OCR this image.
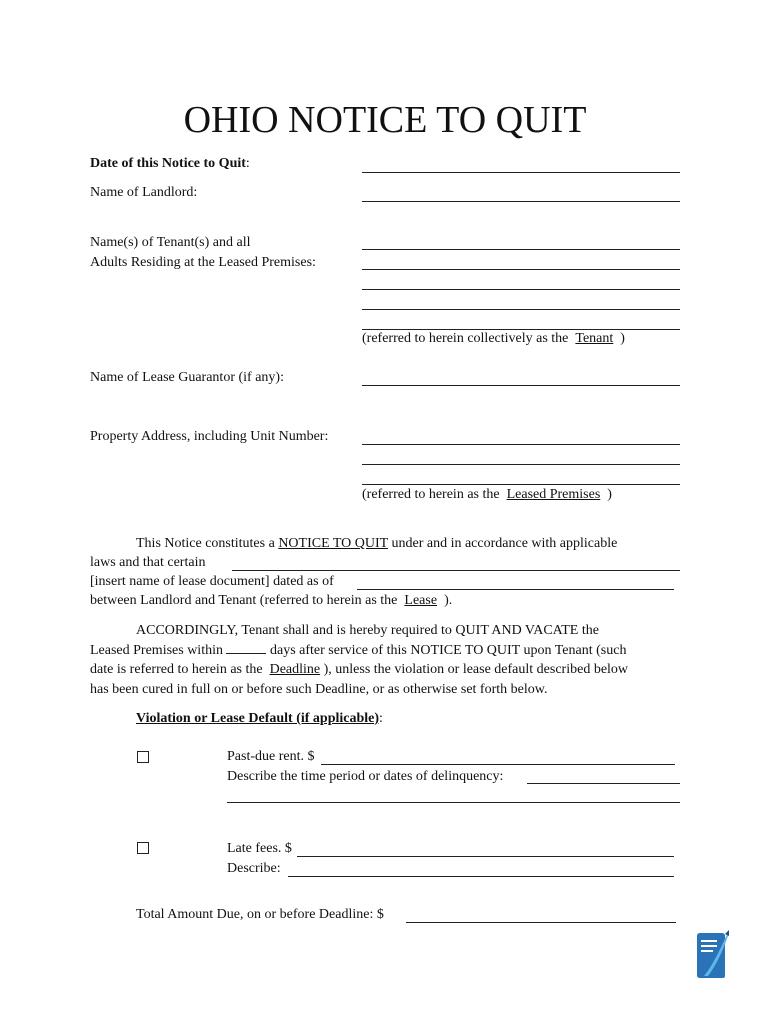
OHIO NOTICE TO QUIT
Date of this Notice to Quit:
Name of Landlord:
Name(s) of Tenant(s) and all
Adults Residing at the Leased Premises:
(referred to herein collectively as the Tenant )
Name of Lease Guarantor (if any):
Property Address, including Unit Number:
(referred to herein as the Leased Premises )
This Notice constitutes a NOTICE TO QUIT under and in accordance with applicable
laws and that certain
[insert name of lease document] dated as of
between Landlord and Tenant (referred to herein as the Lease ).
ACCORDINGLY, Tenant shall and is hereby required to QUIT AND VACATE the
Leased Premises within	days after service of this NOTICE TO QUIT upon Tenant (such
date is referred to herein as the Deadline ), unless the violation or lease default described below
has been cured in full on or before such Deadline, or as otherwise set forth below.
Violation or Lease Default (if applicable):
Past-due rent. $
Describe the time period or dates of delinquency:
Late fees. $
Describe:
Total Amount Due, on or before Deadline: $
